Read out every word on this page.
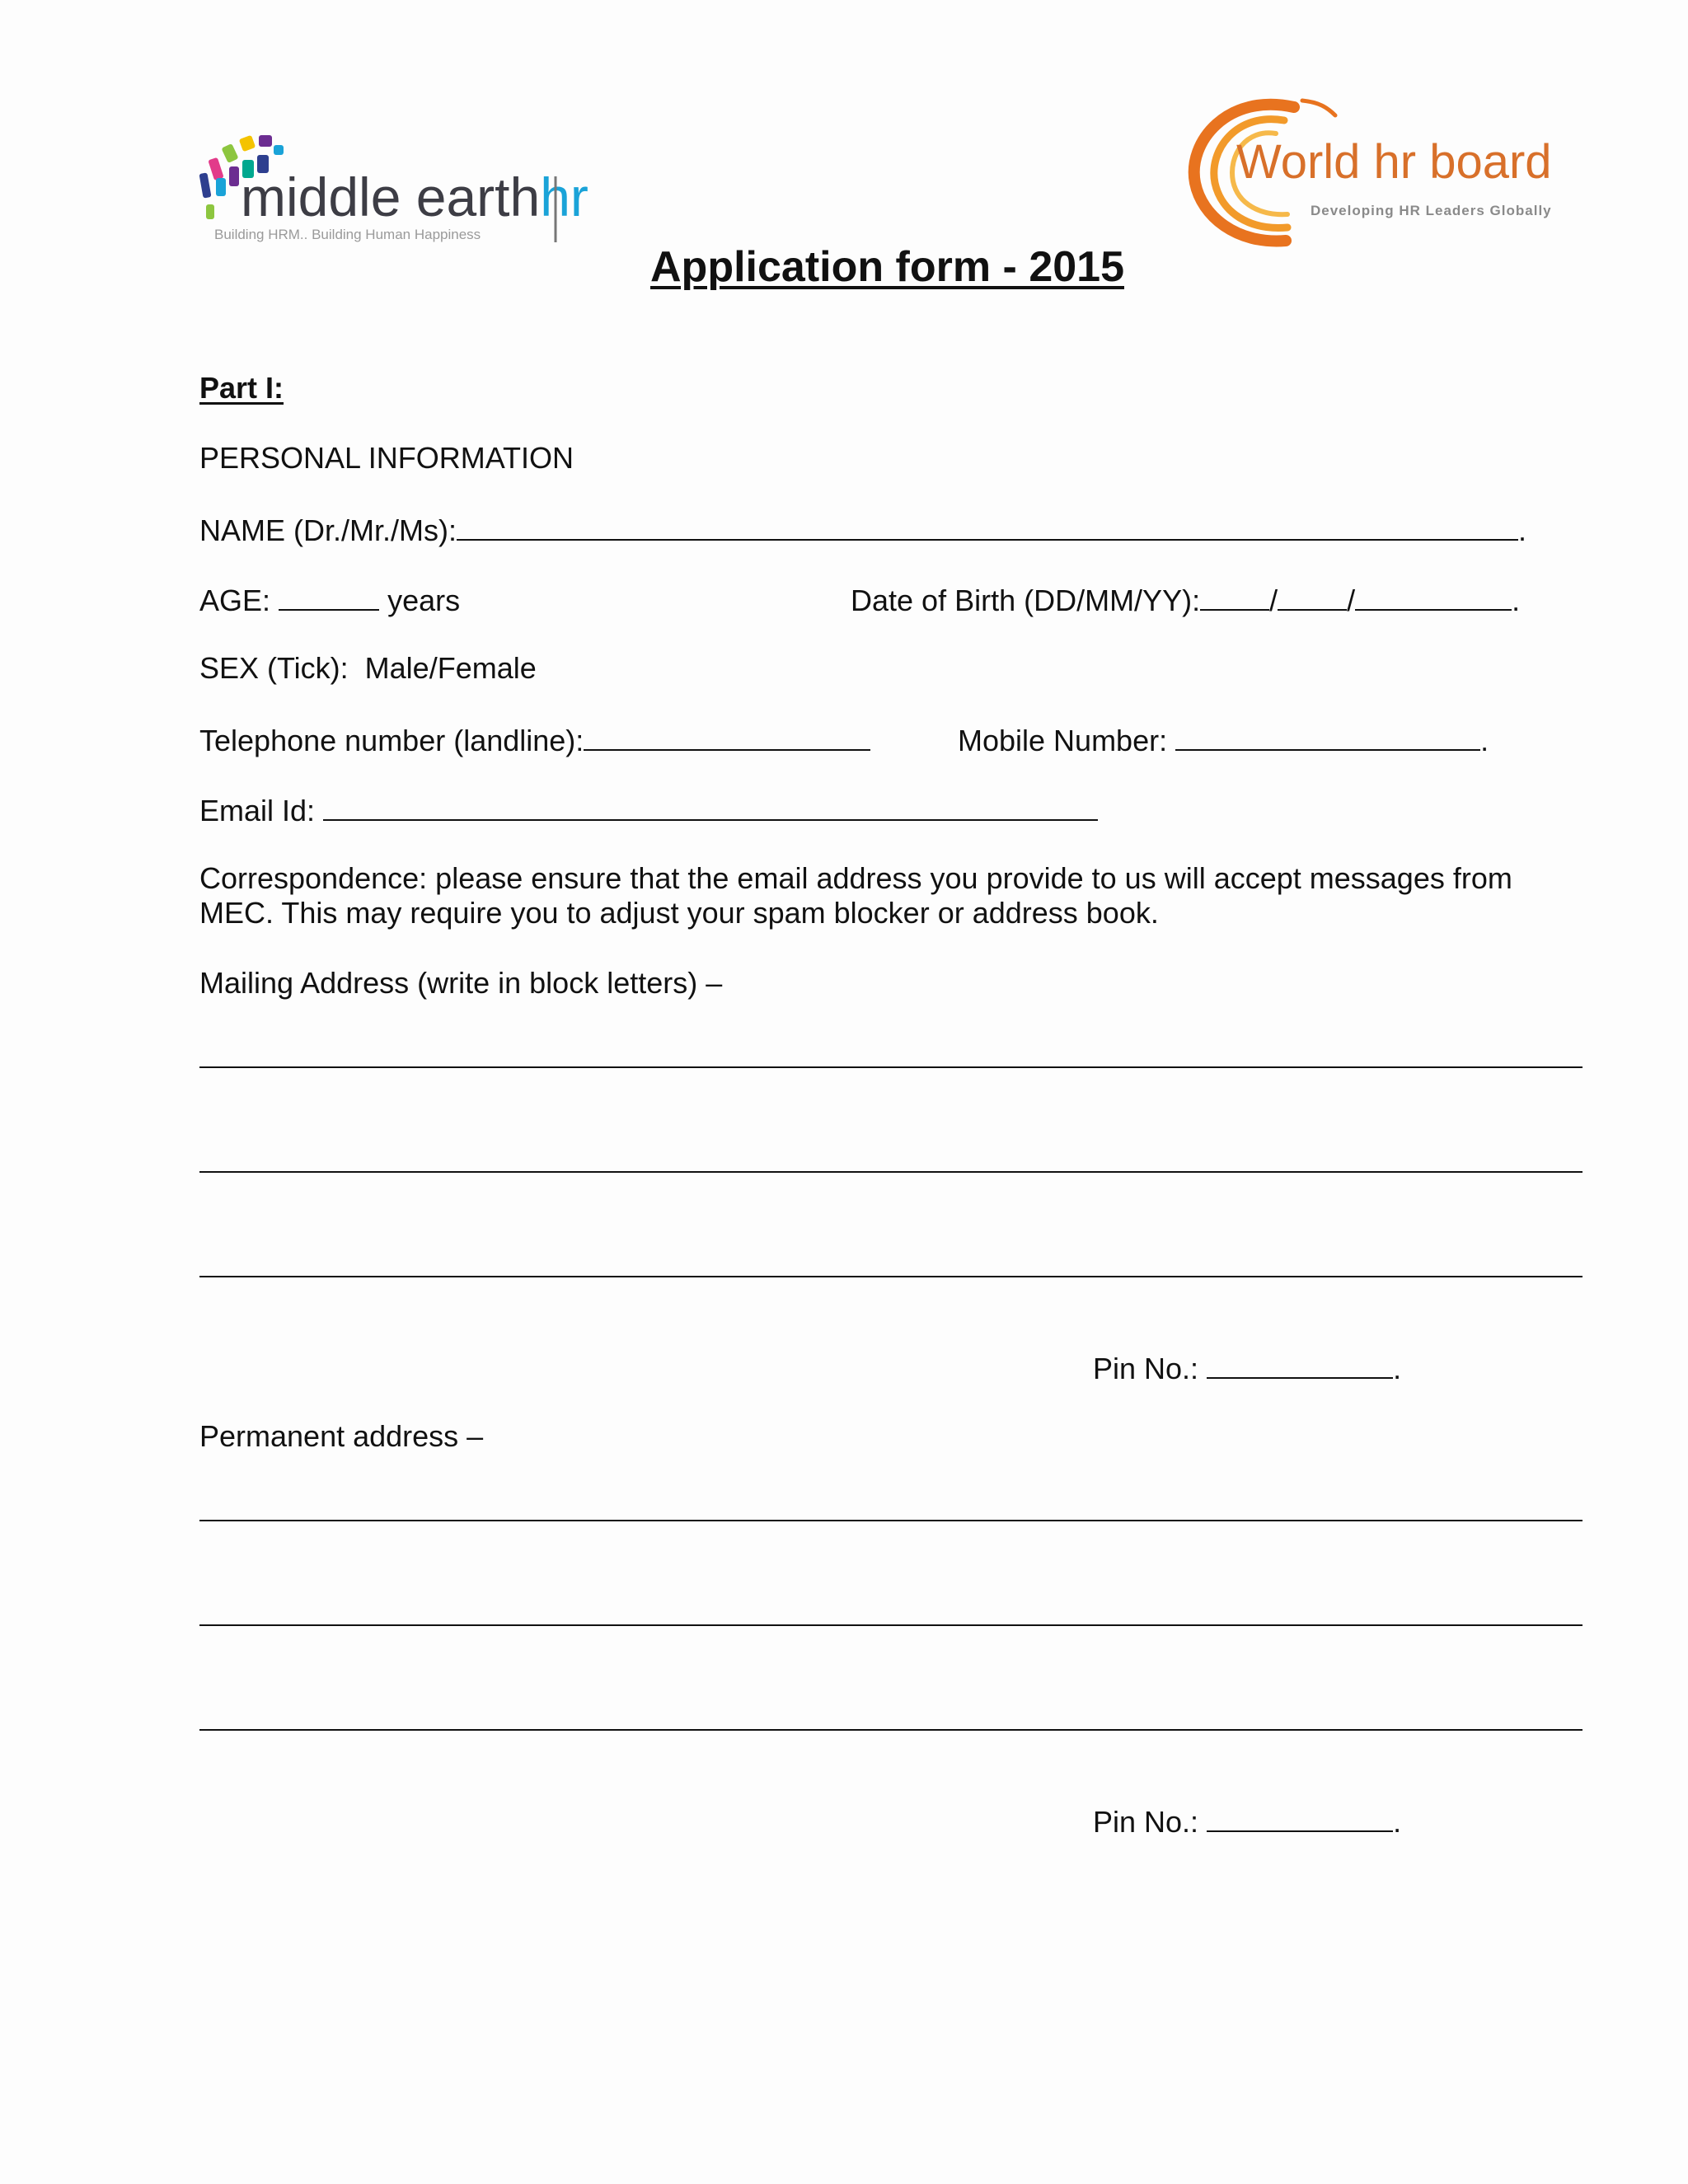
middle earthhr
Building HRM.. Building Human Happiness
World hr board
Developing HR Leaders Globally
Application form - 2015
Part I:
PERSONAL INFORMATION
NAME (Dr./Mr./Ms):	.
AGE:	years	Date of Birth (DD/MM/YY): / /	.
SEX (Tick):  Male/Female
Telephone number (landline):	Mobile Number:	.
Email Id:
Correspondence: please ensure that the email address you provide to us will accept messages from
MEC. This may require you to adjust your spam blocker or address book.
Mailing Address (write in block letters) –
Pin No.:	.
Permanent address –
Pin No.:	.
